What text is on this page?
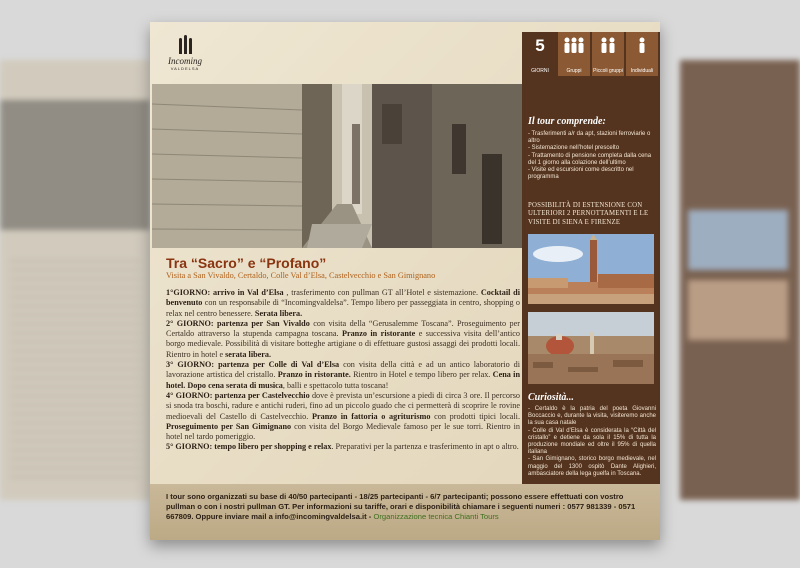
Incoming
VALDELSA
Tra “Sacro” e “Profano”
Visita a San Vivaldo, Certaldo, Colle Val d’Elsa, Castelvecchio e San Gimignano

1°GIORNO: arrivo in Val d’Elsa , trasferimento con pullman GT all’Hotel e sistemazione. Cocktail di benvenuto con un responsabile di “Incomingvaldelsa”. Tempo libero per passeggiata in centro, shopping o relax nel centro benessere. Serata libera.

2° GIORNO: partenza per San Vivaldo con visita della “Gerusalemme Toscana”. Proseguimento per Certaldo attraverso la stupenda campagna toscana. Pranzo in ristorante e successiva visita dell’antico borgo medievale. Possibilità di visitare botteghe artigiane o di effettuare gustosi assaggi dei prodotti locali. Rientro in hotel e serata libera.

3° GIORNO: partenza per Colle di Val d’Elsa con visita della città e ad un antico laboratorio di lavorazione artistica del cristallo. Pranzo in ristorante. Rientro in Hotel e tempo libero per relax. Cena in hotel. Dopo cena serata di musica, balli e spettacolo tutta toscana!

4° GIORNO: partenza per Castelvecchio dove è prevista un’escursione a piedi di circa 3 ore. Il percorso si snoda tra boschi, radure e antichi ruderi, fino ad un piccolo guado che ci permetterà di scoprire le rovine medioevali del Castello di Castelvecchio. Pranzo in fattoria o agriturismo con prodotti tipici locali. Proseguimento per San Gimignano con visita del Borgo Medievale famoso per le sue torri. Rientro in hotel nel tardo pomeriggio.

5° GIORNO: tempo libero per shopping e relax. Preparativi per la partenza e trasferimento in apt o altro.

I tour sono organizzati su base di 40/50 partecipanti - 18/25 partecipanti - 6/7 partecipanti; possono essere effettuati con vostro pullman o con i nostri pullman GT. Per informazioni su tariffe, orari e disponibilità chiamare i seguenti numeri : 0577 981339 - 0571 667809. Oppure inviare mail a info@incomingvaldelsa.it - Organizzazione tecnica Chianti Tours
5
GIORNI	Gruppi	Piccoli gruppi	Individuali
Il tour comprende:
- Trasferimenti a/r da apt, stazioni ferroviarie o altro
- Sistemazione nell’hotel prescelto
- Trattamento di pensione completa dalla cena del 1 giorno alla colazione dell’ultimo
- Visite ed escursioni come descritto nel programma
POSSIBILITÀ DI ESTENSIONE CON ULTERIORI 2 PERNOTTAMENTI E LE VISITE DI SIENA E FIRENZE
Curiosità...
- Certaldo è la patria del poeta Giovanni Boccaccio e, durante la visita, visiteremo anche la sua casa natale
- Colle di Val d’Elsa è considerata la “Città del cristallo” e detiene da sola il 15% di tutta la produzione mondiale ed oltre il 95% di quella italiana
- San Gimignano, storico borgo medievale, nel maggio del 1300 ospitò Dante Alighieri, ambasciatore della lega guelfa in Toscana.
